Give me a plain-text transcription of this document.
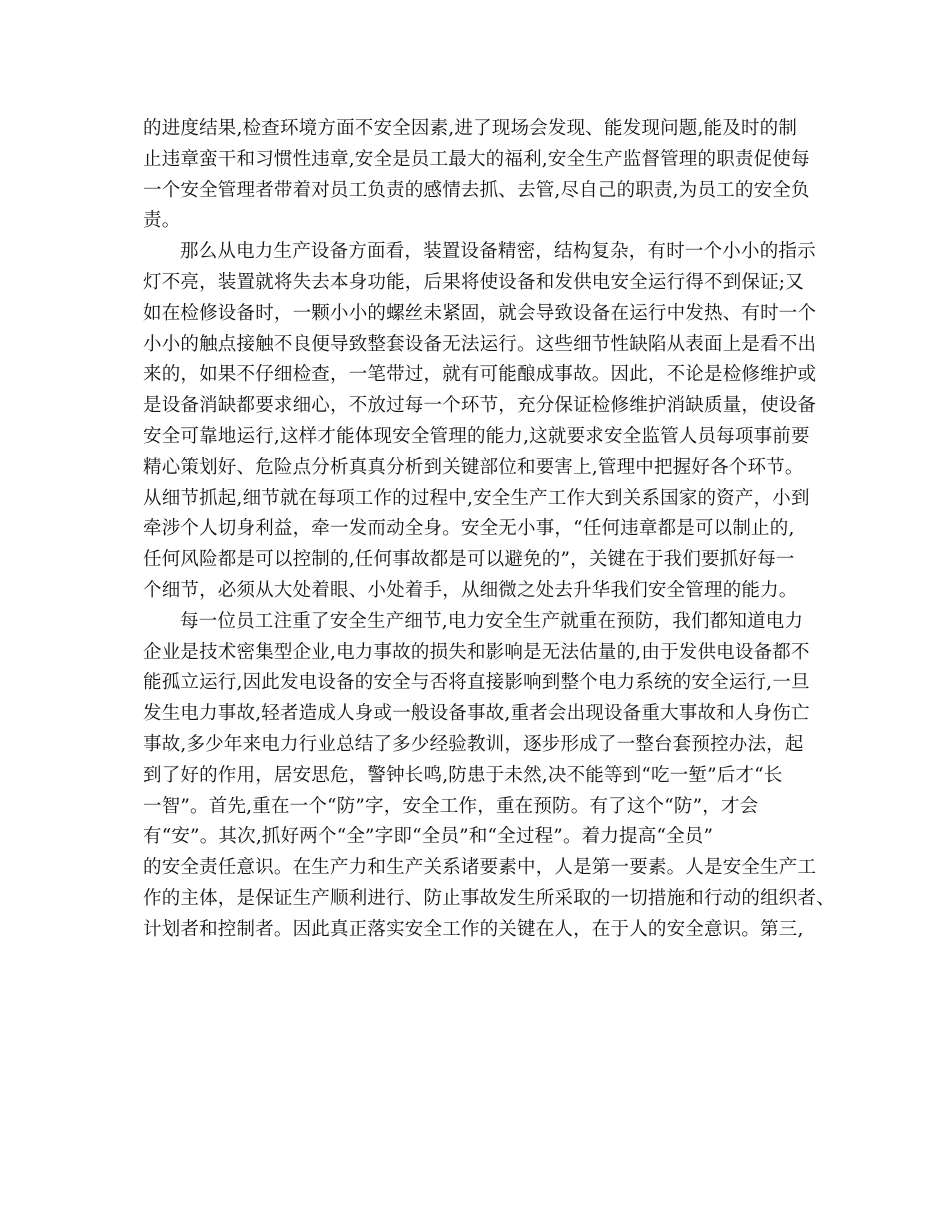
的进度结果,检查环境方面不安全因素,进了现场会发现、能发现问题,能及时的制
止违章蛮干和习惯性违章,安全是员工最大的福利,安全生产监督管理的职责促使每
一个安全管理者带着对员工负责的感情去抓、去管,尽自己的职责,为员工的安全负
责。
那么从电力生产设备方面看，装置设备精密，结构复杂，有时一个小小的指示
灯不亮，装置就将失去本身功能，后果将使设备和发供电安全运行得不到保证;又
如在检修设备时，一颗小小的螺丝未紧固，就会导致设备在运行中发热、有时一个
小小的触点接触不良便导致整套设备无法运行。这些细节性缺陷从表面上是看不出
来的，如果不仔细检查，一笔带过，就有可能酿成事故。因此，不论是检修维护或
是设备消缺都要求细心，不放过每一个环节，充分保证检修维护消缺质量，使设备
安全可靠地运行,这样才能体现安全管理的能力,这就要求安全监管人员每项事前要
精心策划好、危险点分析真真分析到关键部位和要害上,管理中把握好各个环节。
从细节抓起,细节就在每项工作的过程中,安全生产工作大到关系国家的资产，小到
牵涉个人切身利益，牵一发而动全身。安全无小事，“任何违章都是可以制止的,
任何风险都是可以控制的,任何事故都是可以避免的”，关键在于我们要抓好每一
个细节，必须从大处着眼、小处着手，从细微之处去升华我们安全管理的能力。
每一位员工注重了安全生产细节,电力安全生产就重在预防，我们都知道电力
企业是技术密集型企业,电力事故的损失和影响是无法估量的,由于发供电设备都不
能孤立运行,因此发电设备的安全与否将直接影响到整个电力系统的安全运行,一旦
发生电力事故,轻者造成人身或一般设备事故,重者会出现设备重大事故和人身伤亡
事故,多少年来电力行业总结了多少经验教训，逐步形成了一整台套预控办法，起
到了好的作用，居安思危，警钟长鸣,防患于未然,决不能等到“吃一堑”后才“长
一智”。首先,重在一个“防”字，安全工作，重在预防。有了这个“防”，才会
有“安”。其次,抓好两个“全”字即“全员”和“全过程”。着力提高“全员”
的安全责任意识。在生产力和生产关系诸要素中，人是第一要素。人是安全生产工
作的主体，是保证生产顺利进行、防止事故发生所采取的一切措施和行动的组织者、
计划者和控制者。因此真正落实安全工作的关键在人，在于人的安全意识。第三,
